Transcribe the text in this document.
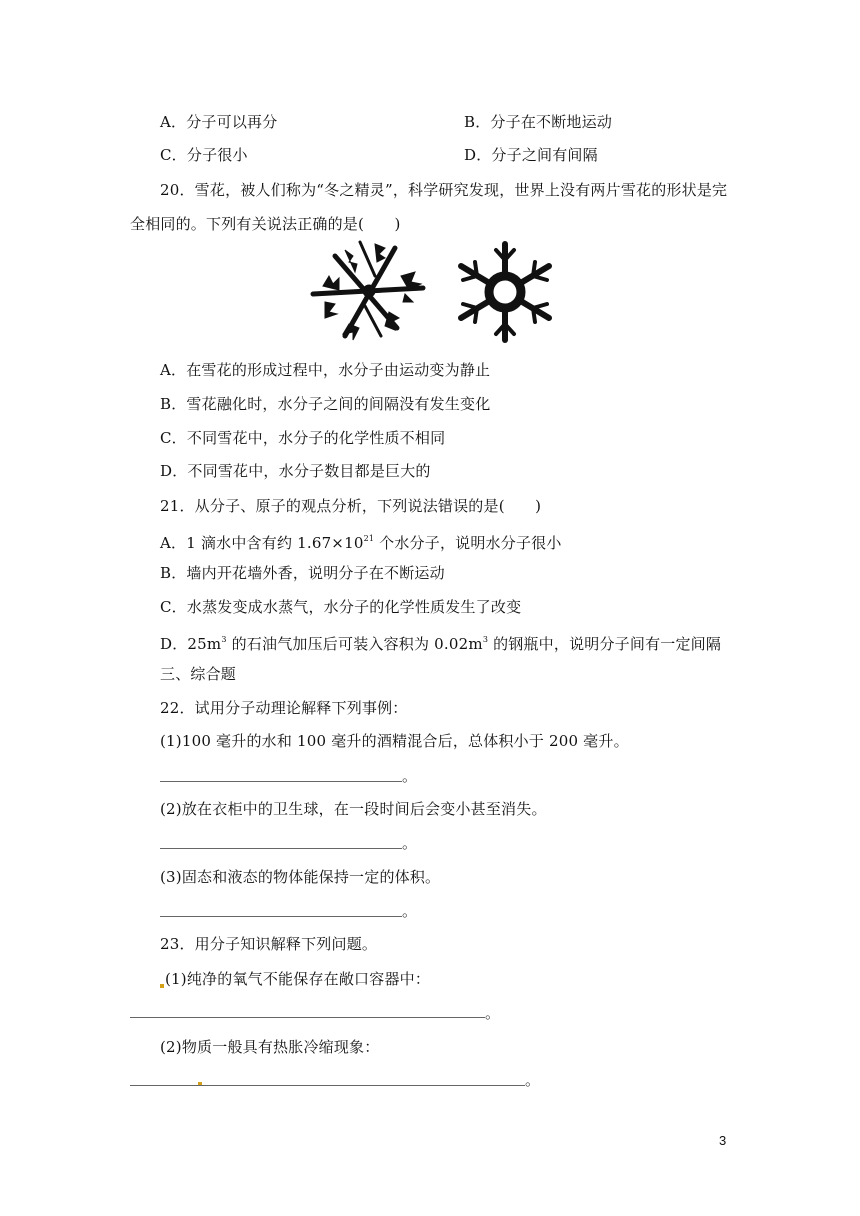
A．分子可以再分	B．分子在不断地运动
C．分子很小	D．分子之间有间隔
20．雪花，被人们称为“冬之精灵”，科学研究发现，世界上没有两片雪花的形状是完
全相同的。下列有关说法正确的是(　　)
A．在雪花的形成过程中，水分子由运动变为静止
B．雪花融化时，水分子之间的间隔没有发生变化
C．不同雪花中，水分子的化学性质不相同
D．不同雪花中，水分子数目都是巨大的
21．从分子、原子的观点分析，下列说法错误的是(　　)
A．1 滴水中含有约 $1.67\times 10^{21}$ 个水分子，说明水分子很小
B．墙内开花墙外香，说明分子在不断运动
C．水蒸发变成水蒸气，水分子的化学性质发生了改变
D．$25m^3$ 的石油气加压后可装入容积为 $0.02m^3$ 的钢瓶中，说明分子间有一定间隔
三、综合题
22．试用分子动理论解释下列事例：
(1)100 毫升的水和 100 毫升的酒精混合后，总体积小于 200 毫升。
。
(2)放在衣柜中的卫生球，在一段时间后会变小甚至消失。
。
(3)固态和液态的物体能保持一定的体积。
。
23．用分子知识解释下列问题。
(1)纯净的氧气不能保存在敞口容器中：
。
(2)物质一般具有热胀冷缩现象：
。
3
